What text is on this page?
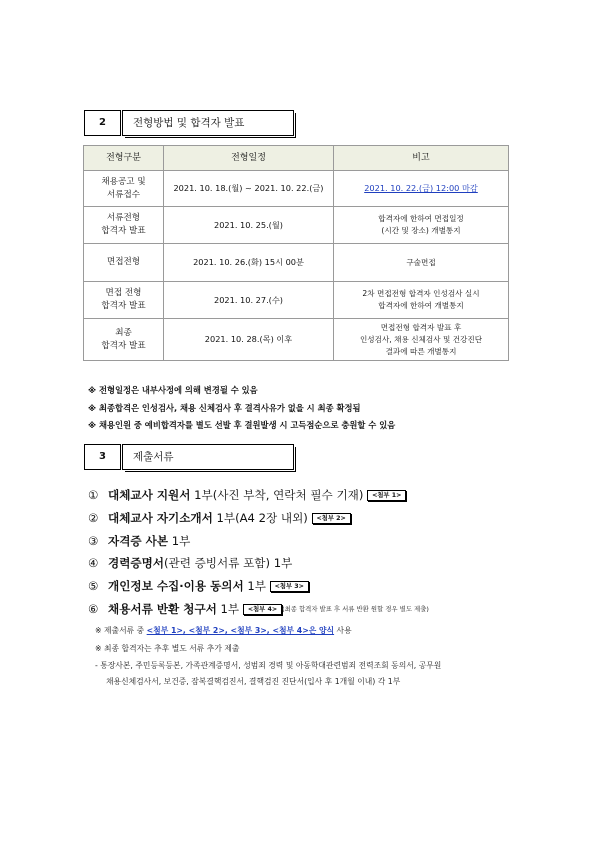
2	전형방법 및 합격자 발표
전형구분	전형일정	비고
채용공고 및
서류접수	2021. 10. 18.(월) ~ 2021. 10. 22.(금)	2021. 10. 22.(금) 12:00 마감
서류전형
합격자 발표	2021. 10. 25.(월)	합격자에 한하여 면접일정
(시간 및 장소) 개별통지
면접전형	2021. 10. 26.(화) 15시 00분	구술면접
면접 전형
합격자 발표	2021. 10. 27.(수)	2차 면접전형 합격자 인성검사 실시
합격자에 한하여 개별통지
최종
합격자 발표	2021. 10. 28.(목) 이후	면접전형 합격자 발표 후
인성검사, 채용 신체검사 및 건강진단
결과에 따른 개별통지
※ 전형일정은 내부사정에 의해 변경될 수 있음
※ 최종합격은 인성검사, 채용 신체검사 후 결격사유가 없을 시 최종 확정됨
※ 채용인원 중 예비합격자를 별도 선발 후 결원발생 시 고득점순으로 충원할 수 있음
3	제출서류
① 대체교사 지원서 1부(사진 부착, 연락처 필수 기재) <첨부 1>
② 대체교사 자기소개서 1부(A4 2장 내외) <첨부 2>
③ 자격증 사본 1부
④ 경력증명서(관련 증빙서류 포함) 1부
⑤ 개인정보 수집·이용 동의서 1부 <첨부 3>
⑥ 채용서류 반환 청구서 1부 <첨부 4> (최종 합격자 발표 후 서류 반환 원할 경우 별도 제출)
※ 제출서류 중 <첨부 1>, <첨부 2>, <첨부 3>, <첨부 4>은 양식 사용
※ 최종 합격자는 추후 별도 서류 추가 제출
- 통장사본, 주민등록등본, 가족관계증명서, 성범죄 경력 및 아동학대관련범죄 전력조회 동의서, 공무원
채용신체검사서, 보건증, 잠복결핵검진서, 결핵검진 진단서(입사 후 1개월 이내) 각 1부
